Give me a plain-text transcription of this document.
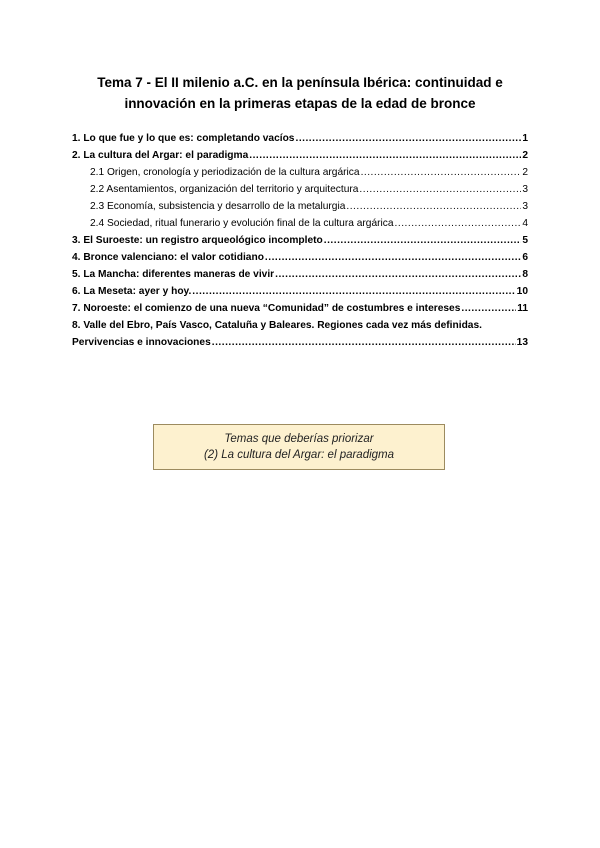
Tema 7 - El II milenio a.C. en la península Ibérica: continuidad e
innovación en la primeras etapas de la edad de bronce
1. Lo que fue y lo que es: completando vacíos .....	1
2. La cultura del Argar: el paradigma .....	2
2.1 Origen, cronología y periodización de la cultura argárica .....	2
2.2 Asentamientos, organización del territorio y arquitectura .....	3
2.3 Economía, subsistencia y desarrollo de la metalurgia .....	3
2.4 Sociedad, ritual funerario y evolución final de la cultura argárica .....	4
3. El Suroeste: un registro arqueológico incompleto .....	5
4. Bronce valenciano: el valor cotidiano .....	6
5. La Mancha: diferentes maneras de vivir .....	8
6. La Meseta: ayer y hoy. .....	10
7. Noroeste: el comienzo de una nueva “Comunidad” de costumbres e intereses .....	11
8. Valle del Ebro, País Vasco, Cataluña y Baleares. Regiones cada vez más definidas.
Pervivencias e innovaciones .....	13
Temas que deberías priorizar
(2) La cultura del Argar: el paradigma
